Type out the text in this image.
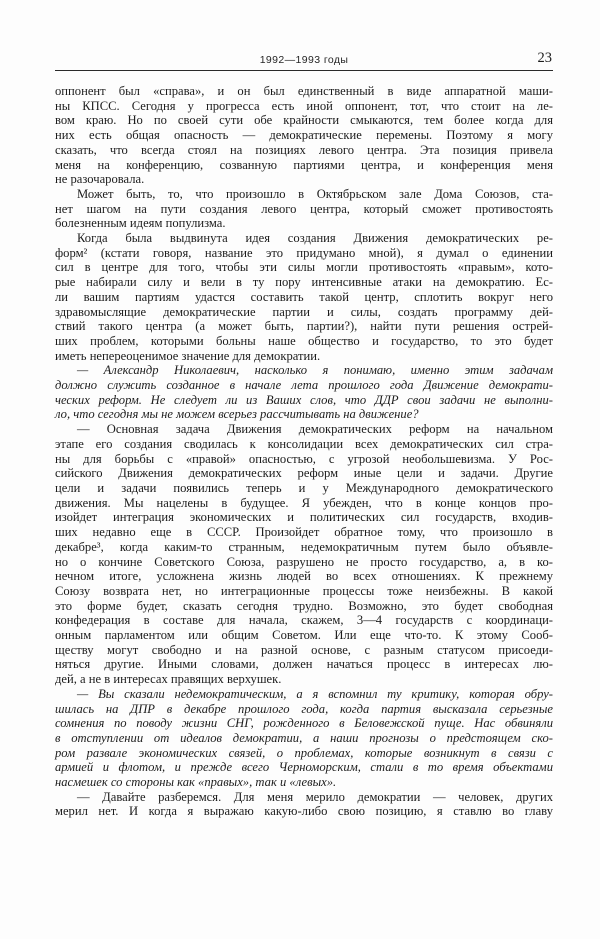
1992—1993 годы	23
оппонент был «справа», и он был единственный в виде аппаратной маши-
ны КПСС. Сегодня у прогресса есть иной оппонент, тот, что стоит на ле-
вом краю. Но по своей сути обе крайности смыкаются, тем более когда для
них есть общая опасность — демократические перемены. Поэтому я могу
сказать, что всегда стоял на позициях левого центра. Эта позиция привела
меня на конференцию, созванную партиями центра, и конференция меня
не разочаровала.
Может быть, то, что произошло в Октябрьском зале Дома Союзов, ста-
нет шагом на пути создания левого центра, который сможет противостоять
болезненным идеям популизма.
Когда была выдвинута идея создания Движения демократических ре-
форм² (кстати говоря, название это придумано мной), я думал о единении
сил в центре для того, чтобы эти силы могли противостоять «правым», кото-
рые набирали силу и вели в ту пору интенсивные атаки на демократию. Ес-
ли вашим партиям удастся составить такой центр, сплотить вокруг него
здравомыслящие демократические партии и силы, создать программу дей-
ствий такого центра (а может быть, партии?), найти пути решения острей-
ших проблем, которыми больны наше общество и государство, то это будет
иметь непереоценимое значение для демократии.
— Александр Николаевич, насколько я понимаю, именно этим задачам
должно служить созданное в начале лета прошлого года Движение демократи-
ческих реформ. Не следует ли из Ваших слов, что ДДР свои задачи не выполни-
ло, что сегодня мы не можем всерьез рассчитывать на движение?
— Основная задача Движения демократических реформ на начальном
этапе его создания сводилась к консолидации всех демократических сил стра-
ны для борьбы с «правой» опасностью, с угрозой необольшевизма. У Рос-
сийского Движения демократических реформ иные цели и задачи. Другие
цели и задачи появились теперь и у Международного демократического
движения. Мы нацелены в будущее. Я убежден, что в конце концов про-
изойдет интеграция экономических и политических сил государств, входив-
ших недавно еще в СССР. Произойдет обратное тому, что произошло в
декабре³, когда каким-то странным, недемократичным путем было объявле-
но о кончине Советского Союза, разрушено не просто государство, а, в ко-
нечном итоге, усложнена жизнь людей во всех отношениях. К прежнему
Союзу возврата нет, но интеграционные процессы тоже неизбежны. В какой
это форме будет, сказать сегодня трудно. Возможно, это будет свободная
конфедерация в составе для начала, скажем, 3—4 государств с координаци-
онным парламентом или общим Советом. Или еще что-то. К этому Сооб-
ществу могут свободно и на разной основе, с разным статусом присоеди-
няться другие. Иными словами, должен начаться процесс в интересах лю-
дей, а не в интересах правящих верхушек.
— Вы сказали недемократическим, а я вспомнил ту критику, которая обру-
шилась на ДПР в декабре прошлого года, когда партия высказала серьезные
сомнения по поводу жизни СНГ, рожденного в Беловежской пуще. Нас обвиняли
в отступлении от идеалов демократии, а наши прогнозы о предстоящем ско-
ром развале экономических связей, о проблемах, которые возникнут в связи с
армией и флотом, и прежде всего Черноморским, стали в то время объектами
насмешек со стороны как «правых», так и «левых».
— Давайте разберемся. Для меня мерило демократии — человек, других
мерил нет. И когда я выражаю какую-либо свою позицию, я ставлю во главу
